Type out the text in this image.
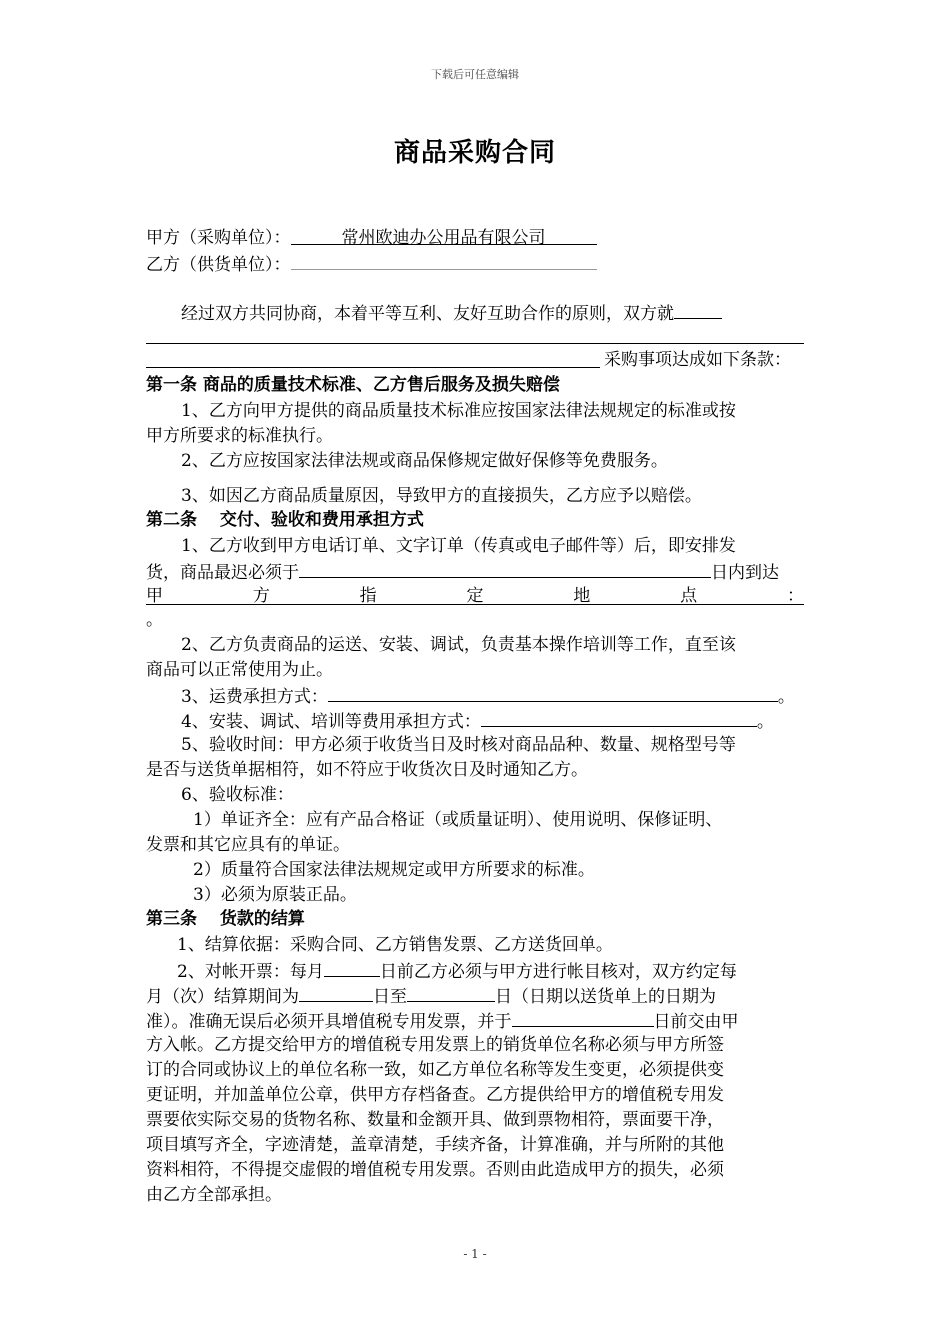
下载后可任意编辑
商品采购合同
甲方（采购单位）：	常州欧迪办公用品有限公司
乙方（供货单位）：
经过双方共同协商，本着平等互利、友好互助合作的原则，双方就
采购事项达成如下条款：
第一条 商品的质量技术标准、乙方售后服务及损失赔偿
1、乙方向甲方提供的商品质量技术标准应按国家法律法规规定的标准或按
甲方所要求的标准执行。
2、乙方应按国家法律法规或商品保修规定做好保修等免费服务。
3、如因乙方商品质量原因，导致甲方的直接损失，乙方应予以赔偿。
第二条　 交付、验收和费用承担方式
1、乙方收到甲方电话订单、文字订单（传真或电子邮件等）后，即安排发
货，商品最迟必须于	日内到达
甲	方	指	定	地	点	：
。
2、乙方负责商品的运送、安装、调试，负责基本操作培训等工作，直至该
商品可以正常使用为止。
3、运费承担方式：	。
4、安装、调试、培训等费用承担方式：	。
5、验收时间：甲方必须于收货当日及时核对商品品种、数量、规格型号等
是否与送货单据相符，如不符应于收货次日及时通知乙方。
6、验收标准：
1）单证齐全：应有产品合格证（或质量证明）、使用说明、保修证明、
发票和其它应具有的单证。
2）质量符合国家法律法规规定或甲方所要求的标准。
3）必须为原装正品。
第三条　 货款的结算
1、结算依据：采购合同、乙方销售发票、乙方送货回单。
2、对帐开票：每月	日前乙方必须与甲方进行帐目核对，双方约定每
月（次）结算期间为	日至	日（日期以送货单上的日期为
准）。准确无误后必须开具增值税专用发票，并于	日前交由甲
方入帐。乙方提交给甲方的增值税专用发票上的销货单位名称必须与甲方所签
订的合同或协议上的单位名称一致，如乙方单位名称等发生变更，必须提供变
更证明，并加盖单位公章，供甲方存档备查。乙方提供给甲方的增值税专用发
票要依实际交易的货物名称、数量和金额开具、做到票物相符，票面要干净，
项目填写齐全，字迹清楚，盖章清楚，手续齐备，计算准确，并与所附的其他
资料相符，不得提交虚假的增值税专用发票。否则由此造成甲方的损失，必须
由乙方全部承担。
- 1 -
